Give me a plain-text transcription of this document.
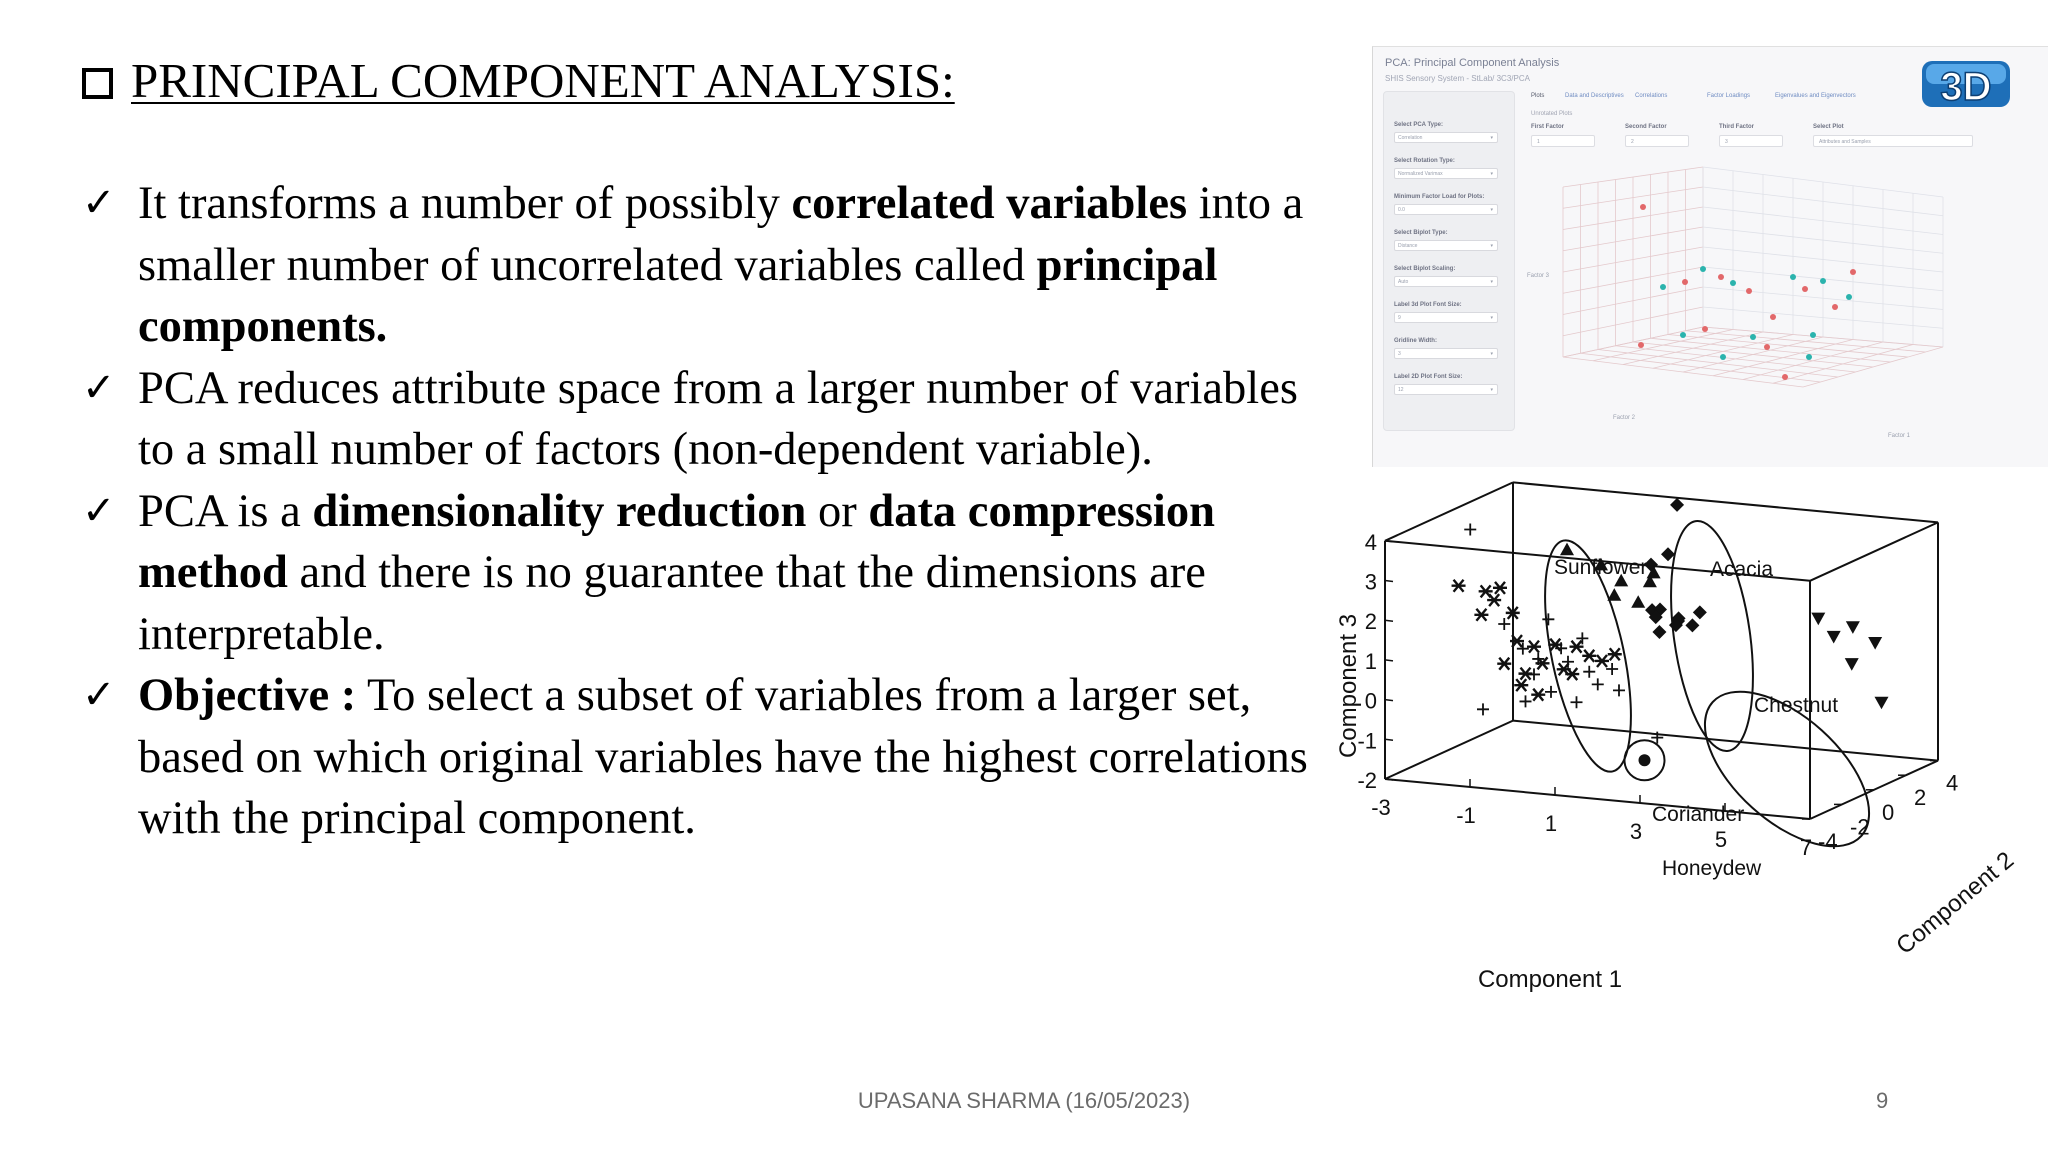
PRINCIPAL COMPONENT ANALYSIS:
✓ It transforms a number of possibly correlated variables into a smaller number of uncorrelated variables called principal components.
✓ PCA reduces attribute space from a larger number of variables to a small number of factors (non-dependent variable).
✓ PCA is a dimensionality reduction or data compression method and there is no guarantee that the dimensions are interpretable.
✓ Objective : To select a subset of variables from a larger set, based on which original variables have the highest correlations with the principal component.
PCA: Principal Component Analysis
SHIS Sensory System - StLab/ 3C3/PCA	3D
Select PCA Type:
Correlation	▾
Select Rotation Type:
Normalized Varimax	▾
Minimum Factor Load for Plots:
0.0	▾
Select Biplot Type:
Distance	▾
Select Biplot Scaling:
Auto	▾
Label 3d Plot Font Size:
9	▾
Gridline Width:
3	▾
Label 2D Plot Font Size:
12	▾
Plots	Data and Descriptives Correlations	Factor Loadings	Eigenvalues and Eigenvectors
Unrotated Plots
First Factor
1
Second Factor
2
Third Factor
3
Select Plot
Attributes and Samples
Factor 3
Factor 2
Factor 1
-2
-1
0
1
2
3
4
-3	-1	1	3	5	7 -4
-2
0
2
4
Component 1
Component 3
Component 2
Sunflower	Acacia
Chestnut
Coriander
Honeydew
UPASANA SHARMA (16/05/2023)	9
